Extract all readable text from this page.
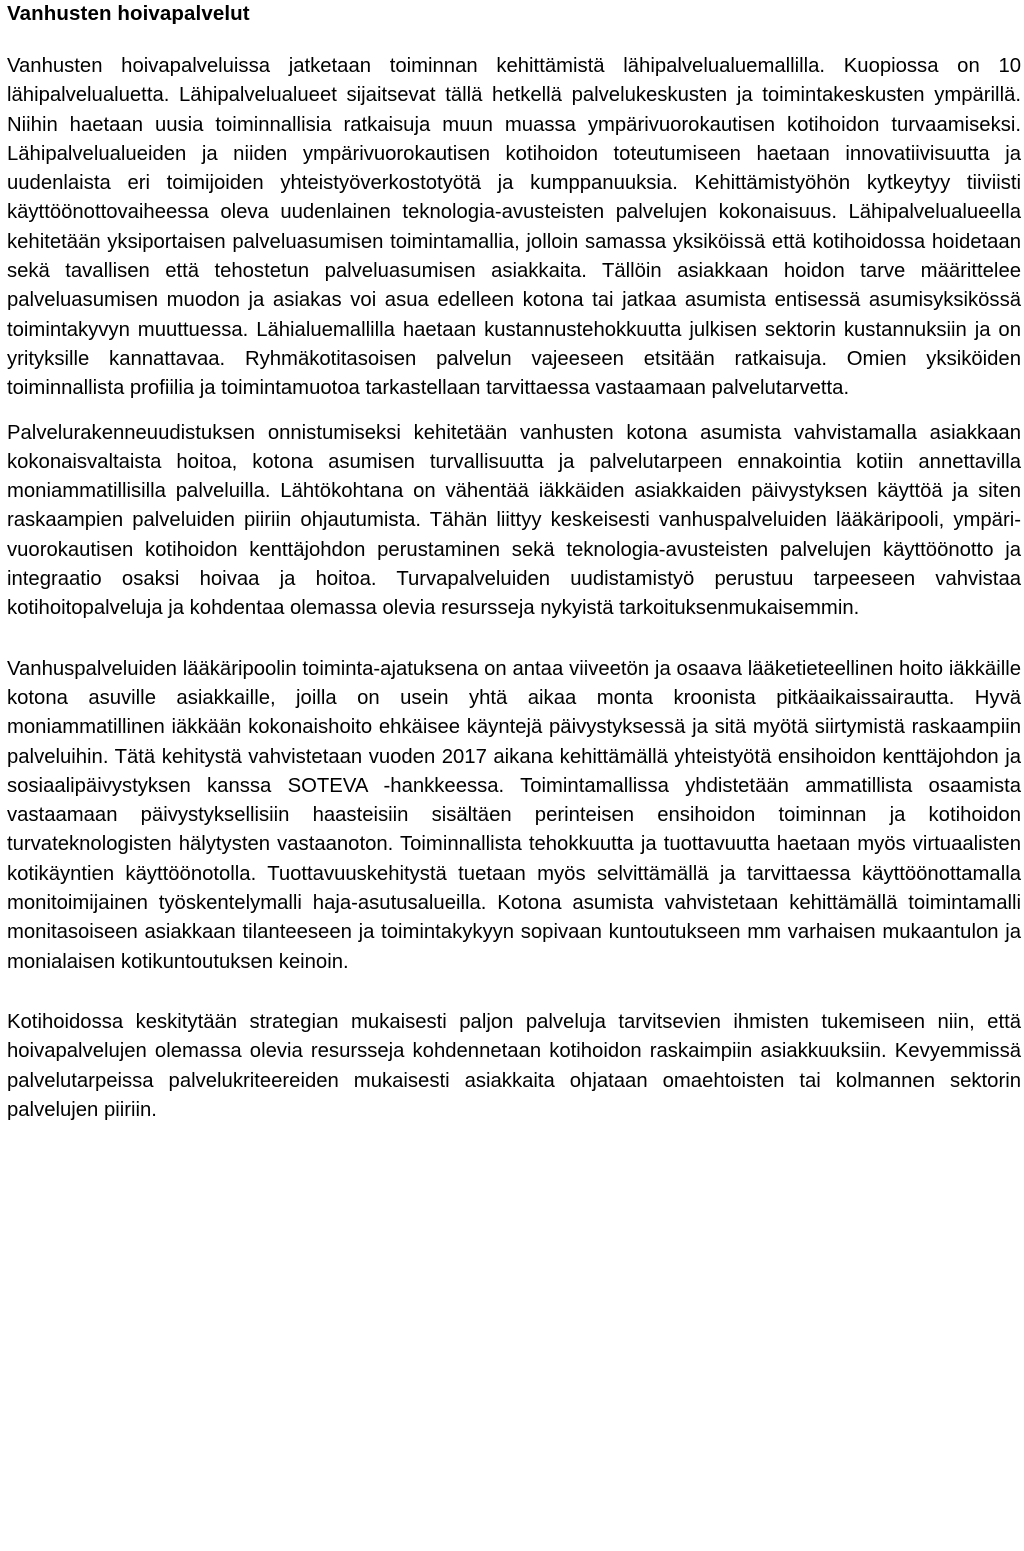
Vanhusten hoivapalvelut

Vanhusten hoivapalveluissa jatketaan toiminnan kehittämistä lähipalvelualuemallilla. Kuopiossa on 10 lähipalvelualuetta. Lähipalvelualueet sijaitsevat tällä hetkellä palvelukeskusten ja toimintakeskusten ympärillä. Niihin haetaan uusia toiminnallisia ratkaisuja muun muassa ympärivuorokautisen kotihoidon turvaamiseksi. Lähipalvelualueiden ja niiden ympärivuorokautisen kotihoidon toteutumiseen haetaan innovatiivisuutta ja uudenlaista eri toimijoiden yhteistyöverkostotyötä ja kumppanuuksia. Kehittämistyöhön kytkeytyy tiiviisti käyttöönottovaiheessa oleva uudenlainen teknologia-avusteisten palvelujen kokonaisuus. Lähipalvelualueella kehitetään yksiportaisen palveluasumisen toimintamallia, jolloin samassa yksiköissä että kotihoidossa hoidetaan sekä tavallisen että tehostetun palveluasumisen asiakkaita. Tällöin asiakkaan hoidon tarve määrittelee palveluasumisen muodon ja asiakas voi asua edelleen kotona tai jatkaa asumista entisessä asumisyksikössä toimintakyvyn muuttuessa. Lähialuemallilla haetaan kustannustehokkuutta julkisen sektorin kustannuksiin ja on yrityksille kannattavaa. Ryhmäkotitasoisen palvelun vajeeseen etsitään ratkaisuja. Omien yksiköiden toiminnallista profiilia ja toimintamuotoa tarkastellaan tarvittaessa vastaamaan palvelutarvetta.

Palvelurakenneuudistuksen onnistumiseksi kehitetään vanhusten kotona asumista vahvistamalla asiakkaan kokonaisvaltaista hoitoa, kotona asumisen turvallisuutta ja palvelutarpeen ennakointia kotiin annettavilla moniammatillisilla palveluilla. Lähtökohtana on vähentää iäkkäiden asiakkaiden päivystyksen käyttöä ja siten raskaampien palveluiden piiriin ohjautumista. Tähän liittyy keskeisesti vanhuspalveluiden lääkäripooli, ympärivuorokautisen kotihoidon kenttäjohdon perustaminen sekä teknologia-avusteisten palvelujen käyttöönotto ja integraatio osaksi hoivaa ja hoitoa. Turvapalveluiden uudistamistyö perustuu tarpeeseen vahvistaa kotihoitopalveluja ja kohdentaa olemassa olevia resursseja nykyistä tarkoituksenmukaisemmin.

Vanhuspalveluiden lääkäripoolin toiminta-ajatuksena on antaa viiveetön ja osaava lääketieteellinen hoito iäkkäille kotona asuville asiakkaille, joilla on usein yhtä aikaa monta kroonista pitkäaikaissairautta. Hyvä moniammatillinen iäkkään kokonaishoito ehkäisee käyntejä päivystyksessä ja sitä myötä siirtymistä raskaampiin palveluihin. Tätä kehitystä vahvistetaan vuoden 2017 aikana kehittämällä yhteistyötä ensihoidon kenttäjohdon ja sosiaalipäivystyksen kanssa SOTEVA -hankkeessa. Toimintamallissa yhdistetään ammatillista osaamista vastaamaan päivystyksellisiin haasteisiin sisältäen perinteisen ensihoidon toiminnan ja kotihoidon turvateknologisten hälytysten vastaanoton. Toiminnallista tehokkuutta ja tuottavuutta haetaan myös virtuaalisten kotikäyntien käyttöönotolla. Tuottavuuskehitystä tuetaan myös selvittämällä ja tarvittaessa käyttöönottamalla monitoimijainen työskentelymalli haja-asutusalueilla. Kotona asumista vahvistetaan kehittämällä toimintamalli monitasoiseen asiakkaan tilanteeseen ja toimintakykyyn sopivaan kuntoutukseen mm varhaisen mukaantulon ja monialaisen kotikuntoutuksen keinoin.

Kotihoidossa keskitytään strategian mukaisesti paljon palveluja tarvitsevien ihmisten tukemiseen niin, että hoivapalvelujen olemassa olevia resursseja kohdennetaan kotihoidon raskaimpiin asiakkuuksiin. Kevyemmissä palvelutarpeissa palvelukriteereiden mukaisesti asiakkaita ohjataan omaehtoisten tai kolmannen sektorin palvelujen piiriin.
